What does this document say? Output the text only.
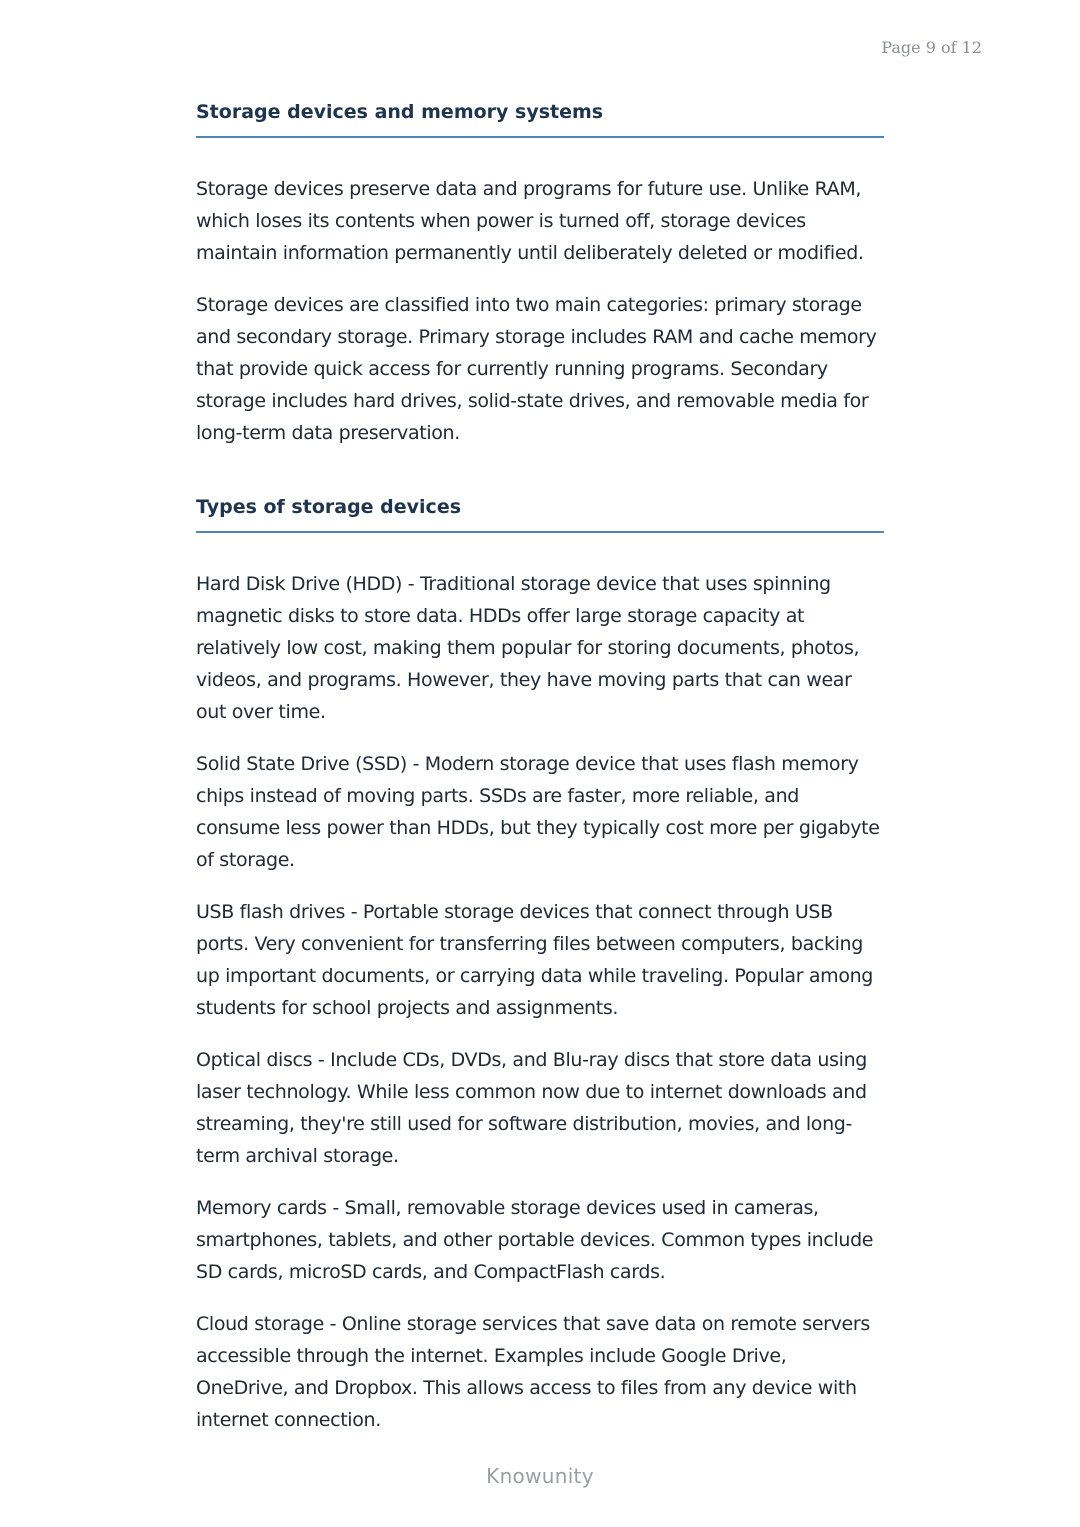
Page 9 of 12
Storage devices and memory systems

Storage devices preserve data and programs for future use. Unlike RAM, which loses its contents when power is turned off, storage devices maintain information permanently until deliberately deleted or modified.

Storage devices are classified into two main categories: primary storage and secondary storage. Primary storage includes RAM and cache memory that provide quick access for currently running programs. Secondary storage includes hard drives, solid-state drives, and removable media for long-term data preservation.

Types of storage devices

Hard Disk Drive (HDD) - Traditional storage device that uses spinning magnetic disks to store data. HDDs offer large storage capacity at relatively low cost, making them popular for storing documents, photos, videos, and programs. However, they have moving parts that can wear out over time.

Solid State Drive (SSD) - Modern storage device that uses flash memory chips instead of moving parts. SSDs are faster, more reliable, and consume less power than HDDs, but they typically cost more per gigabyte of storage.

USB flash drives - Portable storage devices that connect through USB ports. Very convenient for transferring files between computers, backing up important documents, or carrying data while traveling. Popular among students for school projects and assignments.

Optical discs - Include CDs, DVDs, and Blu-ray discs that store data using laser technology. While less common now due to internet downloads and streaming, they're still used for software distribution, movies, and long-term archival storage.

Memory cards - Small, removable storage devices used in cameras, smartphones, tablets, and other portable devices. Common types include SD cards, microSD cards, and CompactFlash cards.

Cloud storage - Online storage services that save data on remote servers accessible through the internet. Examples include Google Drive, OneDrive, and Dropbox. This allows access to files from any device with internet connection.

Knowunity
